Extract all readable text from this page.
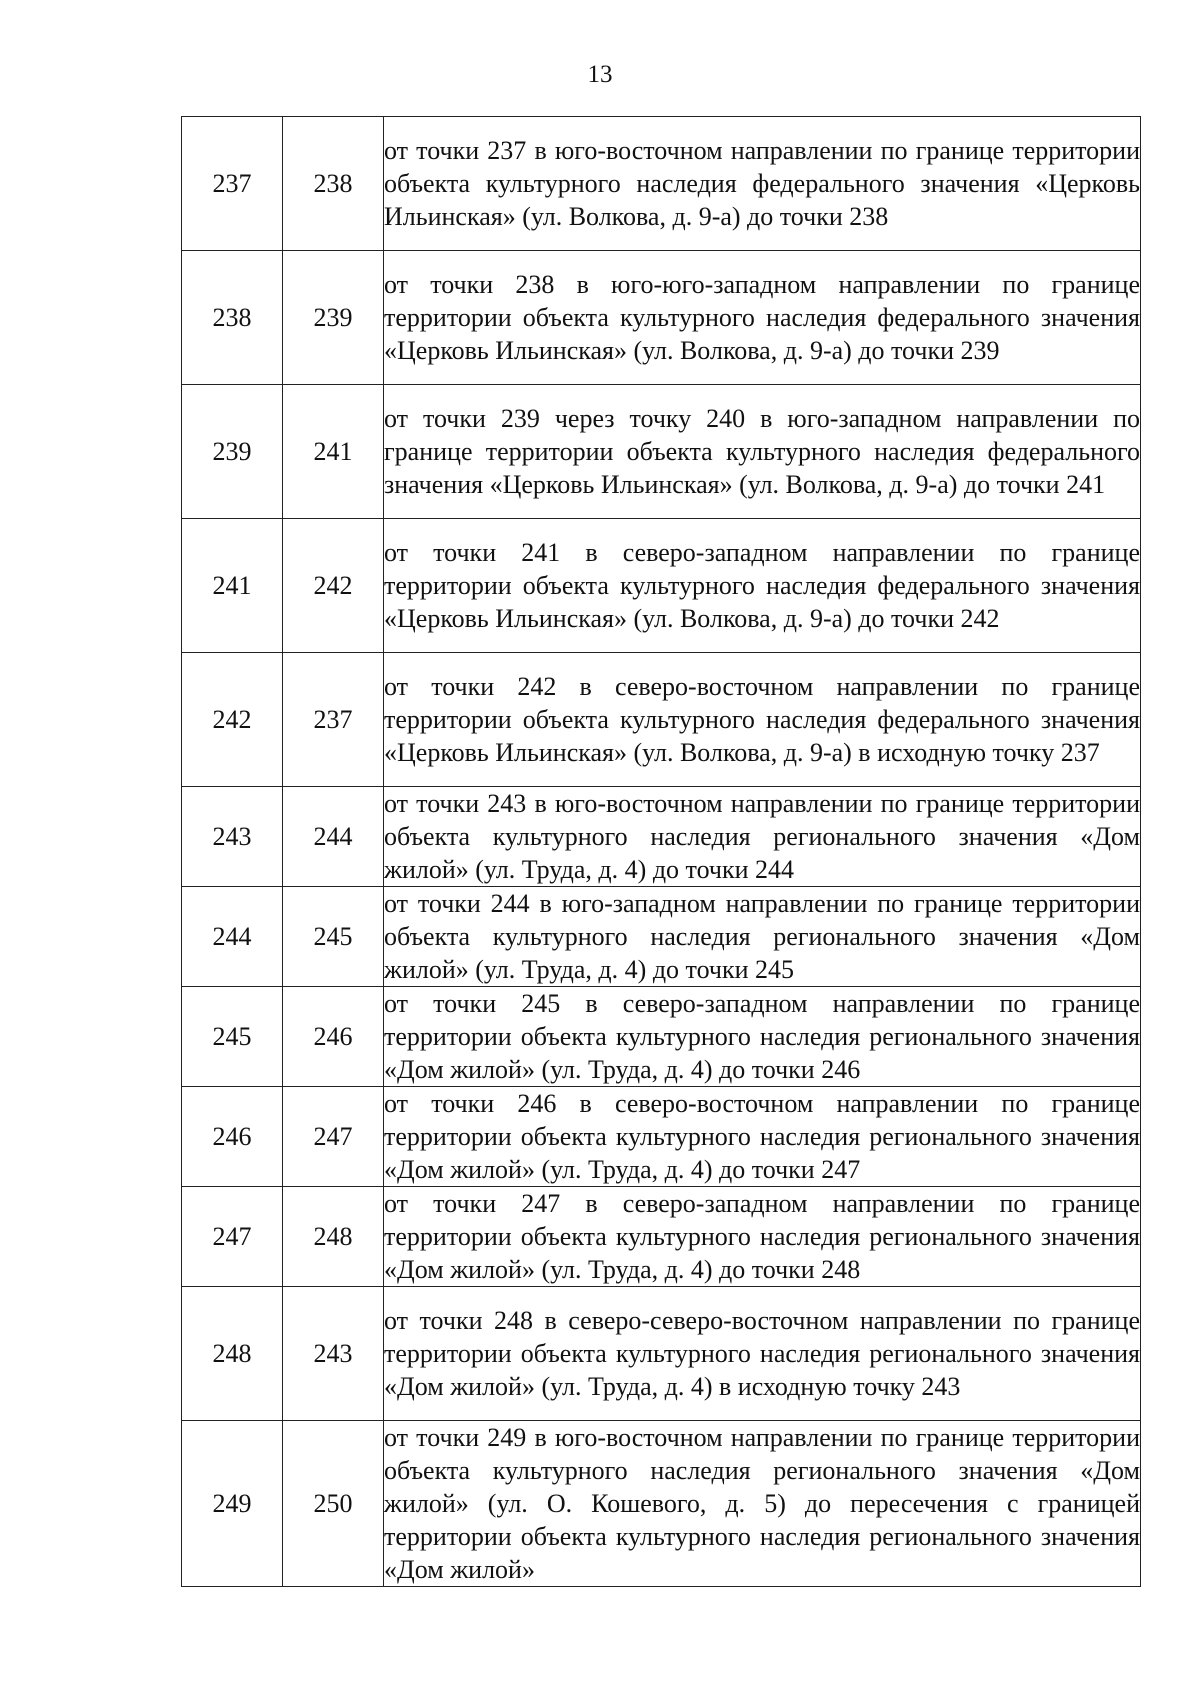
13
237	238	от точки 237 в юго-восточном направлении по границе территории объекта культурного наследия федерального значения «Церковь Ильинская» (ул. Волкова, д. 9-а) до точки 238
238	239	от точки 238 в юго-юго-западном направлении по границе территории объекта культурного наследия федерального значения «Церковь Ильинская» (ул. Волкова, д. 9-а) до точки 239
239	241	от точки 239 через точку 240 в юго-западном направлении по границе территории объекта культурного наследия федерального значения «Церковь Ильинская» (ул. Волкова, д. 9-а) до точки 241
241	242	от точки 241 в северо-западном направлении по границе территории объекта культурного наследия федерального значения «Церковь Ильинская» (ул. Волкова, д. 9-а) до точки 242
242	237	от точки 242 в северо-восточном направлении по границе территории объекта культурного наследия федерального значения «Церковь Ильинская» (ул. Волкова, д. 9-а) в исходную точку 237
243	244	от точки 243 в юго-восточном направлении по границе территории объекта культурного наследия регионального значения «Дом жилой» (ул. Труда, д. 4) до точки 244
244	245	от точки 244 в юго-западном направлении по границе территории объекта культурного наследия регионального значения «Дом жилой» (ул. Труда, д. 4) до точки 245
245	246	от точки 245 в северо-западном направлении по границе территории объекта культурного наследия регионального значения «Дом жилой» (ул. Труда, д. 4) до точки 246
246	247	от точки 246 в северо-восточном направлении по границе территории объекта культурного наследия регионального значения «Дом жилой» (ул. Труда, д. 4) до точки 247
247	248	от точки 247 в северо-западном направлении по границе территории объекта культурного наследия регионального значения «Дом жилой» (ул. Труда, д. 4) до точки 248
248	243	от точки 248 в северо-северо-восточном направлении по границе территории объекта культурного наследия регионального значения «Дом жилой» (ул. Труда, д. 4) в исходную точку 243
249	250	от точки 249 в юго-восточном направлении по границе территории объекта культурного наследия регионального значения «Дом жилой» (ул. О. Кошевого, д. 5) до пересечения с границей территории объекта культурного наследия регионального значения «Дом жилой»
